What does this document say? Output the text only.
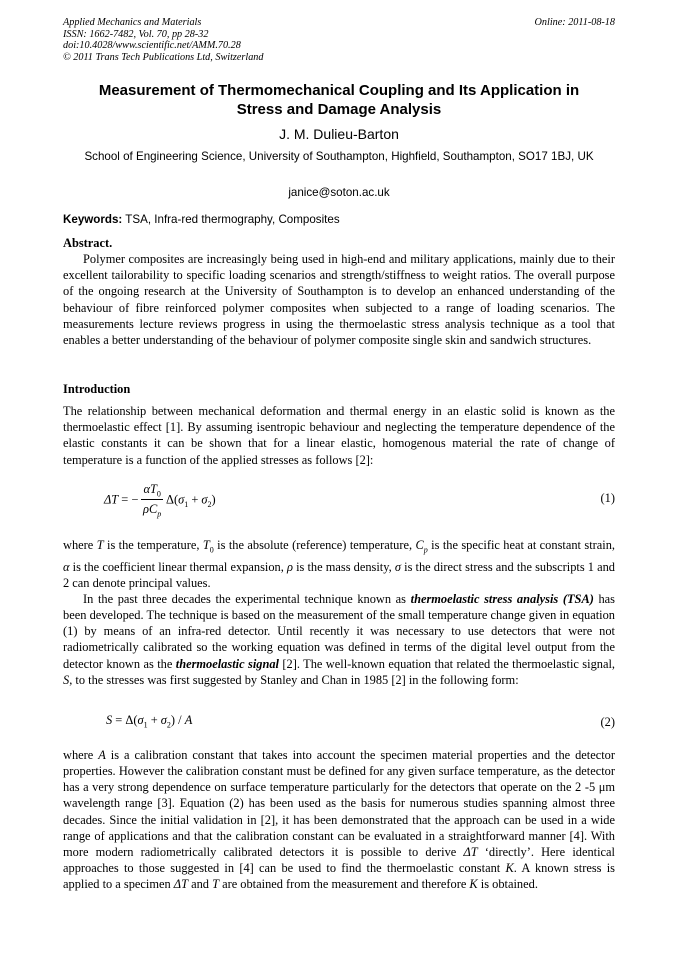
Applied Mechanics and Materials
ISSN: 1662-7482, Vol. 70, pp 28-32
doi:10.4028/www.scientific.net/AMM.70.28
© 2011 Trans Tech Publications Ltd, Switzerland
Online: 2011-08-18
Measurement of Thermomechanical Coupling and Its Application in
Stress and Damage Analysis
J. M. Dulieu-Barton
School of Engineering Science, University of Southampton, Highfield, Southampton, SO17 1BJ, UK
janice@soton.ac.uk
Keywords: TSA, Infra-red thermography, Composites
Abstract.
Polymer composites are increasingly being used in high-end and military applications, mainly due to their excellent tailorability to specific loading scenarios and strength/stiffness to weight ratios. The overall purpose of the ongoing research at the University of Southampton is to develop an enhanced understanding of the behaviour of fibre reinforced polymer composites when subjected to a range of loading scenarios. The measurements lecture reviews progress in using the thermoelastic stress analysis technique as a tool that enables a better understanding of the behaviour of polymer composite single skin and sandwich structures.
Introduction
The relationship between mechanical deformation and thermal energy in an elastic solid is known as the thermoelastic effect [1]. By assuming isentropic behaviour and neglecting the temperature dependence of the elastic constants it can be shown that for a linear elastic, homogenous material the rate of change of temperature is a function of the applied stresses as follows [2]:
ΔT = − $\frac{\alpha T_0}{\rho C_p} \Delta(\sigma_1 + \sigma_2)$	(1)
where T is the temperature, $T_0$ is the absolute (reference) temperature, $C_p$ is the specific heat at constant strain, α is the coefficient linear thermal expansion, ρ is the mass density, σ is the direct stress and the subscripts 1 and 2 can denote principal values.
In the past three decades the experimental technique known as thermoelastic stress analysis (TSA) has been developed. The technique is based on the measurement of the small temperature change given in equation (1) by means of an infra-red detector. Until recently it was necessary to use detectors that were not radiometrically calibrated so the working equation was defined in terms of the digital level output from the detector known as the thermoelastic signal [2]. The well-known equation that related the thermoelastic signal, S, to the stresses was first suggested by Stanley and Chan in 1985 [2] in the following form:
$S = \Delta(\sigma_1 + \sigma_2) / A$	(2)
where A is a calibration constant that takes into account the specimen material properties and the detector properties. However the calibration constant must be defined for any given surface temperature, as the detector has a very strong dependence on surface temperature particularly for the detectors that operate on the 2 -5 μm wavelength range [3]. Equation (2) has been used as the basis for numerous studies spanning almost three decades. Since the initial validation in [2], it has been demonstrated that the approach can be used in a wide range of applications and that the calibration constant can be evaluated in a straightforward manner [4]. With more modern radiometrically calibrated detectors it is possible to derive ΔT ‘directly’. Here identical approaches to those suggested in [4] can be used to find the thermoelastic constant K. A known stress is applied to a specimen ΔT and T are obtained from the measurement and therefore K is obtained.
